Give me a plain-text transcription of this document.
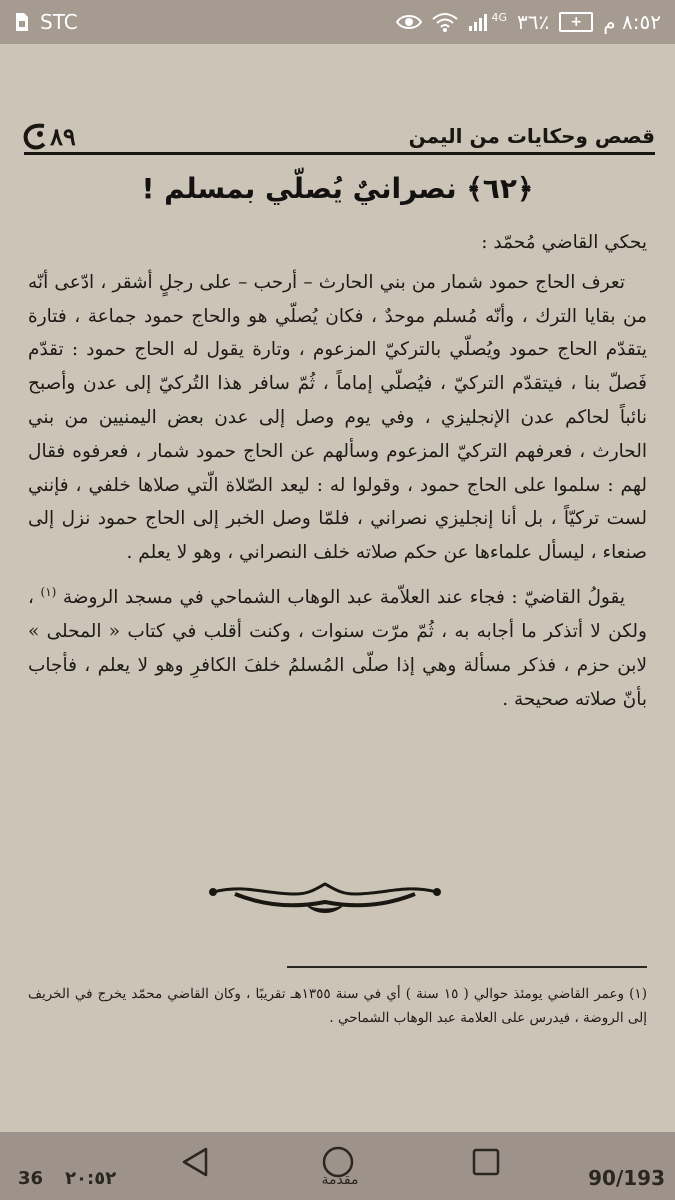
STC	4G ٣٦٪	+	٨:٥٢ م
قصص وحكايات من اليمن
٨٩
﴿٦٢﴾ نصرانيٌ يُصلّي بمسلم !

يحكي القاضي مُحمّد :

تعرف الحاج حمود شمار من بني الحارث – أرحب – على رجلٍ أشقر ، ادّعى أنّه من بقايا الترك ، وأنّه مُسلم موحدٌ ، فكان يُصلّي هو والحاج حمود جماعة ، فتارة يتقدّم الحاج حمود ويُصلّي بالتركيّ المزعوم ، وتارة يقول له الحاج حمود : تقدّم فَصلّ بنا ، فيتقدّم التركيّ ، فيُصلّي إماماً ، ثُمّ سافر هذا التُركيّ إلى عدن وأصبح نائباً لحاكم عدن الإنجليزي ، وفي يوم وصل إلى عدن بعض اليمنيين من بني الحارث ، فعرفهم التركيّ المزعوم وسألهم عن الحاج حمود شمار ، فعرفوه فقال لهم : سلموا على الحاج حمود ، وقولوا له : ليعد الصّلاة الّتي صلاها خلفي ، فإنني لست تركيّاً ، بل أنا إنجليزي نصراني ، فلمّا وصل الخبر إلى الحاج حمود نزل إلى صنعاء ، ليسأل علماءها عن حكم صلاته خلف النصراني ، وهو لا يعلم .

يقولُ القاضيّ : فجاء عند العلاّمة عبد الوهاب الشماحي في مسجد الروضة $^{(١)}$ ، ولكن لا أتذكر ما أجابه به ، ثُمّ مرّت سنوات ، وكنت أقلب في كتاب « المحلى » لابن حزم ، فذكر مسألة وهي إذا صلّى المُسلمُ خلفَ الكافرِ وهو لا يعلم ، فأجاب بأنّ صلاته صحيحة .

(١) وعمر القاضي يومئذ حوالي ( ١٥ سنة ) أي في سنة ١٣٥٥هـ تقريبًا ، وكان القاضي محمّد يخرج في الخريف إلى الروضة ، فيدرس على العلامة عبد الوهاب الشماحي .
36 ٢٠:٥٢	مقدمة	90/193
